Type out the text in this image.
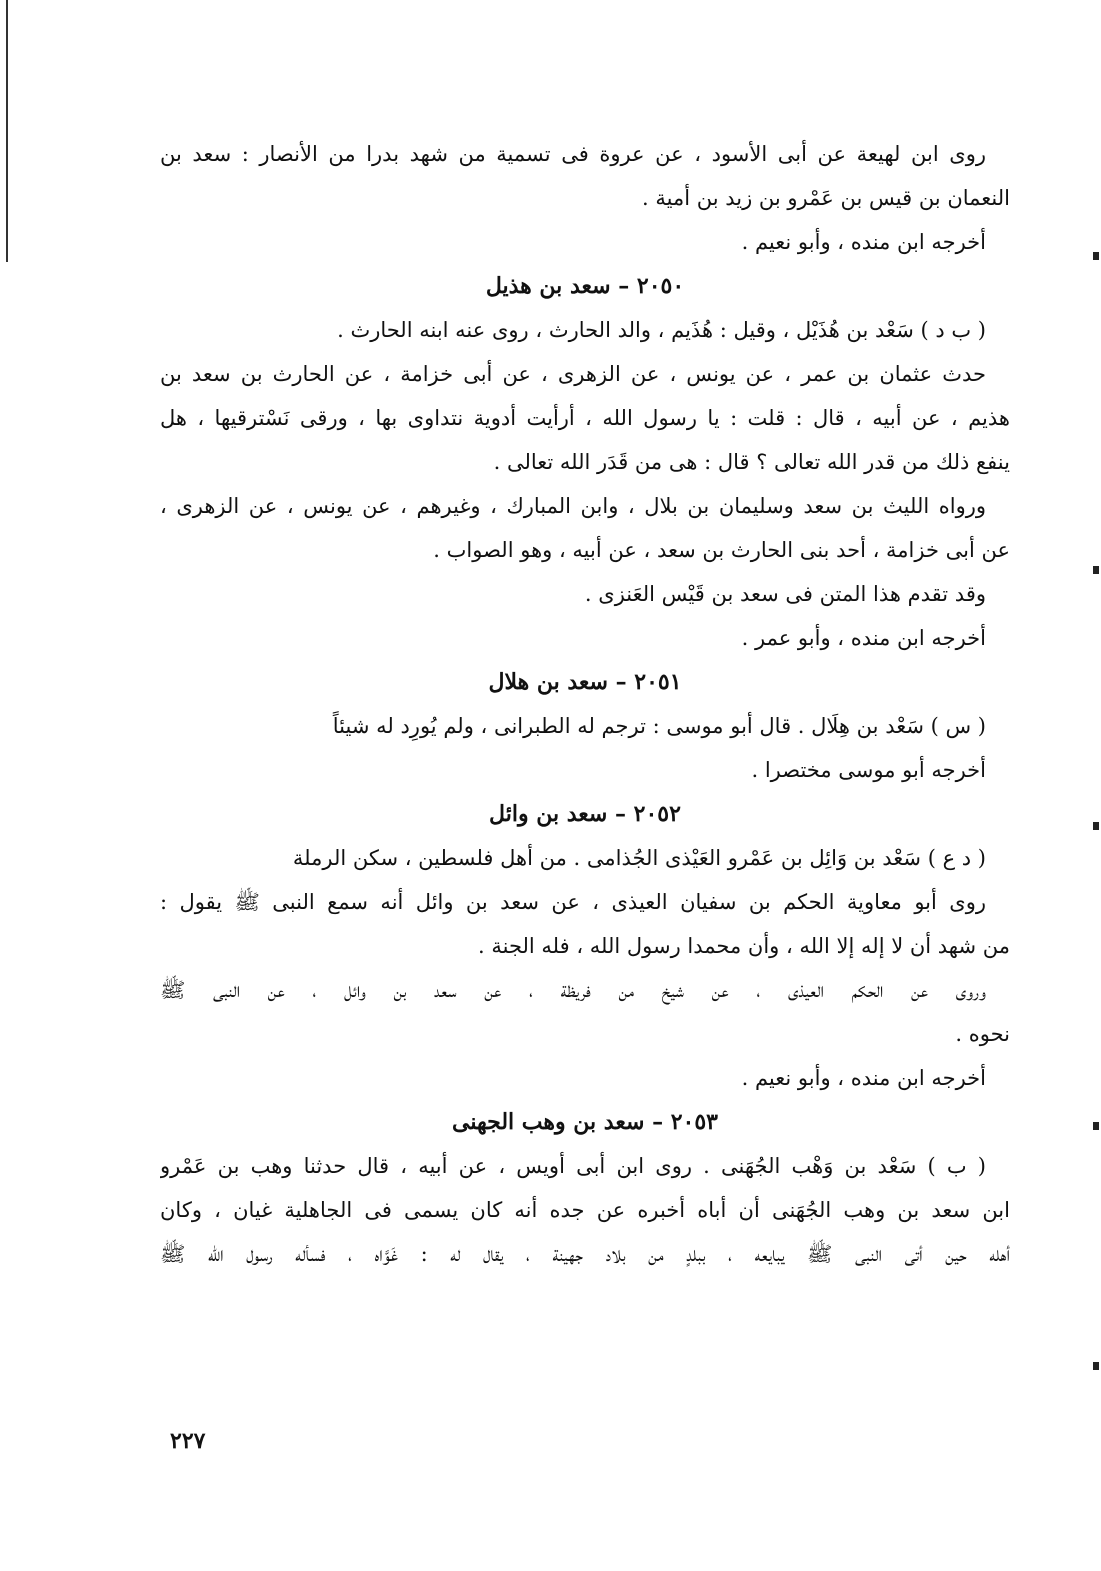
روى ابن لهيعة عن أبى الأسود ، عن عروة فى تسمية من شهد بدرا من الأنصار : سعد بن
النعمان بن قيس بن عَمْرو بن زيد بن أمية .
أخرجه ابن منده ، وأبو نعيم .
٢٠٥٠ – سعد بن هذيل
( ب د ) سَعْد بن هُذَيْل ، وقيل : هُذَيم ، والد الحارث ، روى عنه ابنه الحارث .
حدث عثمان بن عمر ، عن يونس ، عن الزهرى ، عن أبى خزامة ، عن الحارث بن سعد بن
هذيم ، عن أبيه ، قال : قلت : يا رسول الله ، أرأيت أدوية نتداوى بها ، ورقى نَسْترقيها ، هل
ينفع ذلك من قدر الله تعالى ؟ قال : هى من قَدَر الله تعالى .
ورواه الليث بن سعد وسليمان بن بلال ، وابن المبارك ، وغيرهم ، عن يونس ، عن الزهرى ،
عن أبى خزامة ، أحد بنى الحارث بن سعد ، عن أبيه ، وهو الصواب .
وقد تقدم هذا المتن فى سعد بن قَيْس العَنزى .
أخرجه ابن منده ، وأبو عمر .
٢٠٥١ – سعد بن هلال
( س ) سَعْد بن هِلَال . قال أبو موسى : ترجم له الطبرانى ، ولم يُورِد له شيئاً
أخرجه أبو موسى مختصرا .
٢٠٥٢ – سعد بن وائل
( د ع ) سَعْد بن وَائِل بن عَمْرو العَيْذى الجُذامى . من أهل فلسطين ، سكن الرملة
روى أبو معاوية الحكم بن سفيان العيذى ، عن سعد بن وائل أنه سمع النبى ﷺ يقول :
من شهد أن لا إله إلا الله ، وأن محمدا رسول الله ، فله الجنة .
وروى عن الحكم العيذى ، عن شيخ من فريظة ، عن سعد بن وائل ، عن النبى ﷺ
نحوه .
أخرجه ابن منده ، وأبو نعيم .
٢٠٥٣ – سعد بن وهب الجهنى
( ب ) سَعْد بن وَهْب الجُهَنى . روى ابن أبى أويس ، عن أبيه ، قال حدثنا وهب بن عَمْرو
ابن سعد بن وهب الجُهَنى أن أباه أخبره عن جده أنه كان يسمى فى الجاهلية غيان ، وكان
أهله حين أتى النبى ﷺ يبايعه ، ببلدٍ من بلاد جهينة ، يقال له : غَوَّاه ، فسأله رسول الله ﷺ
٢٢٧
